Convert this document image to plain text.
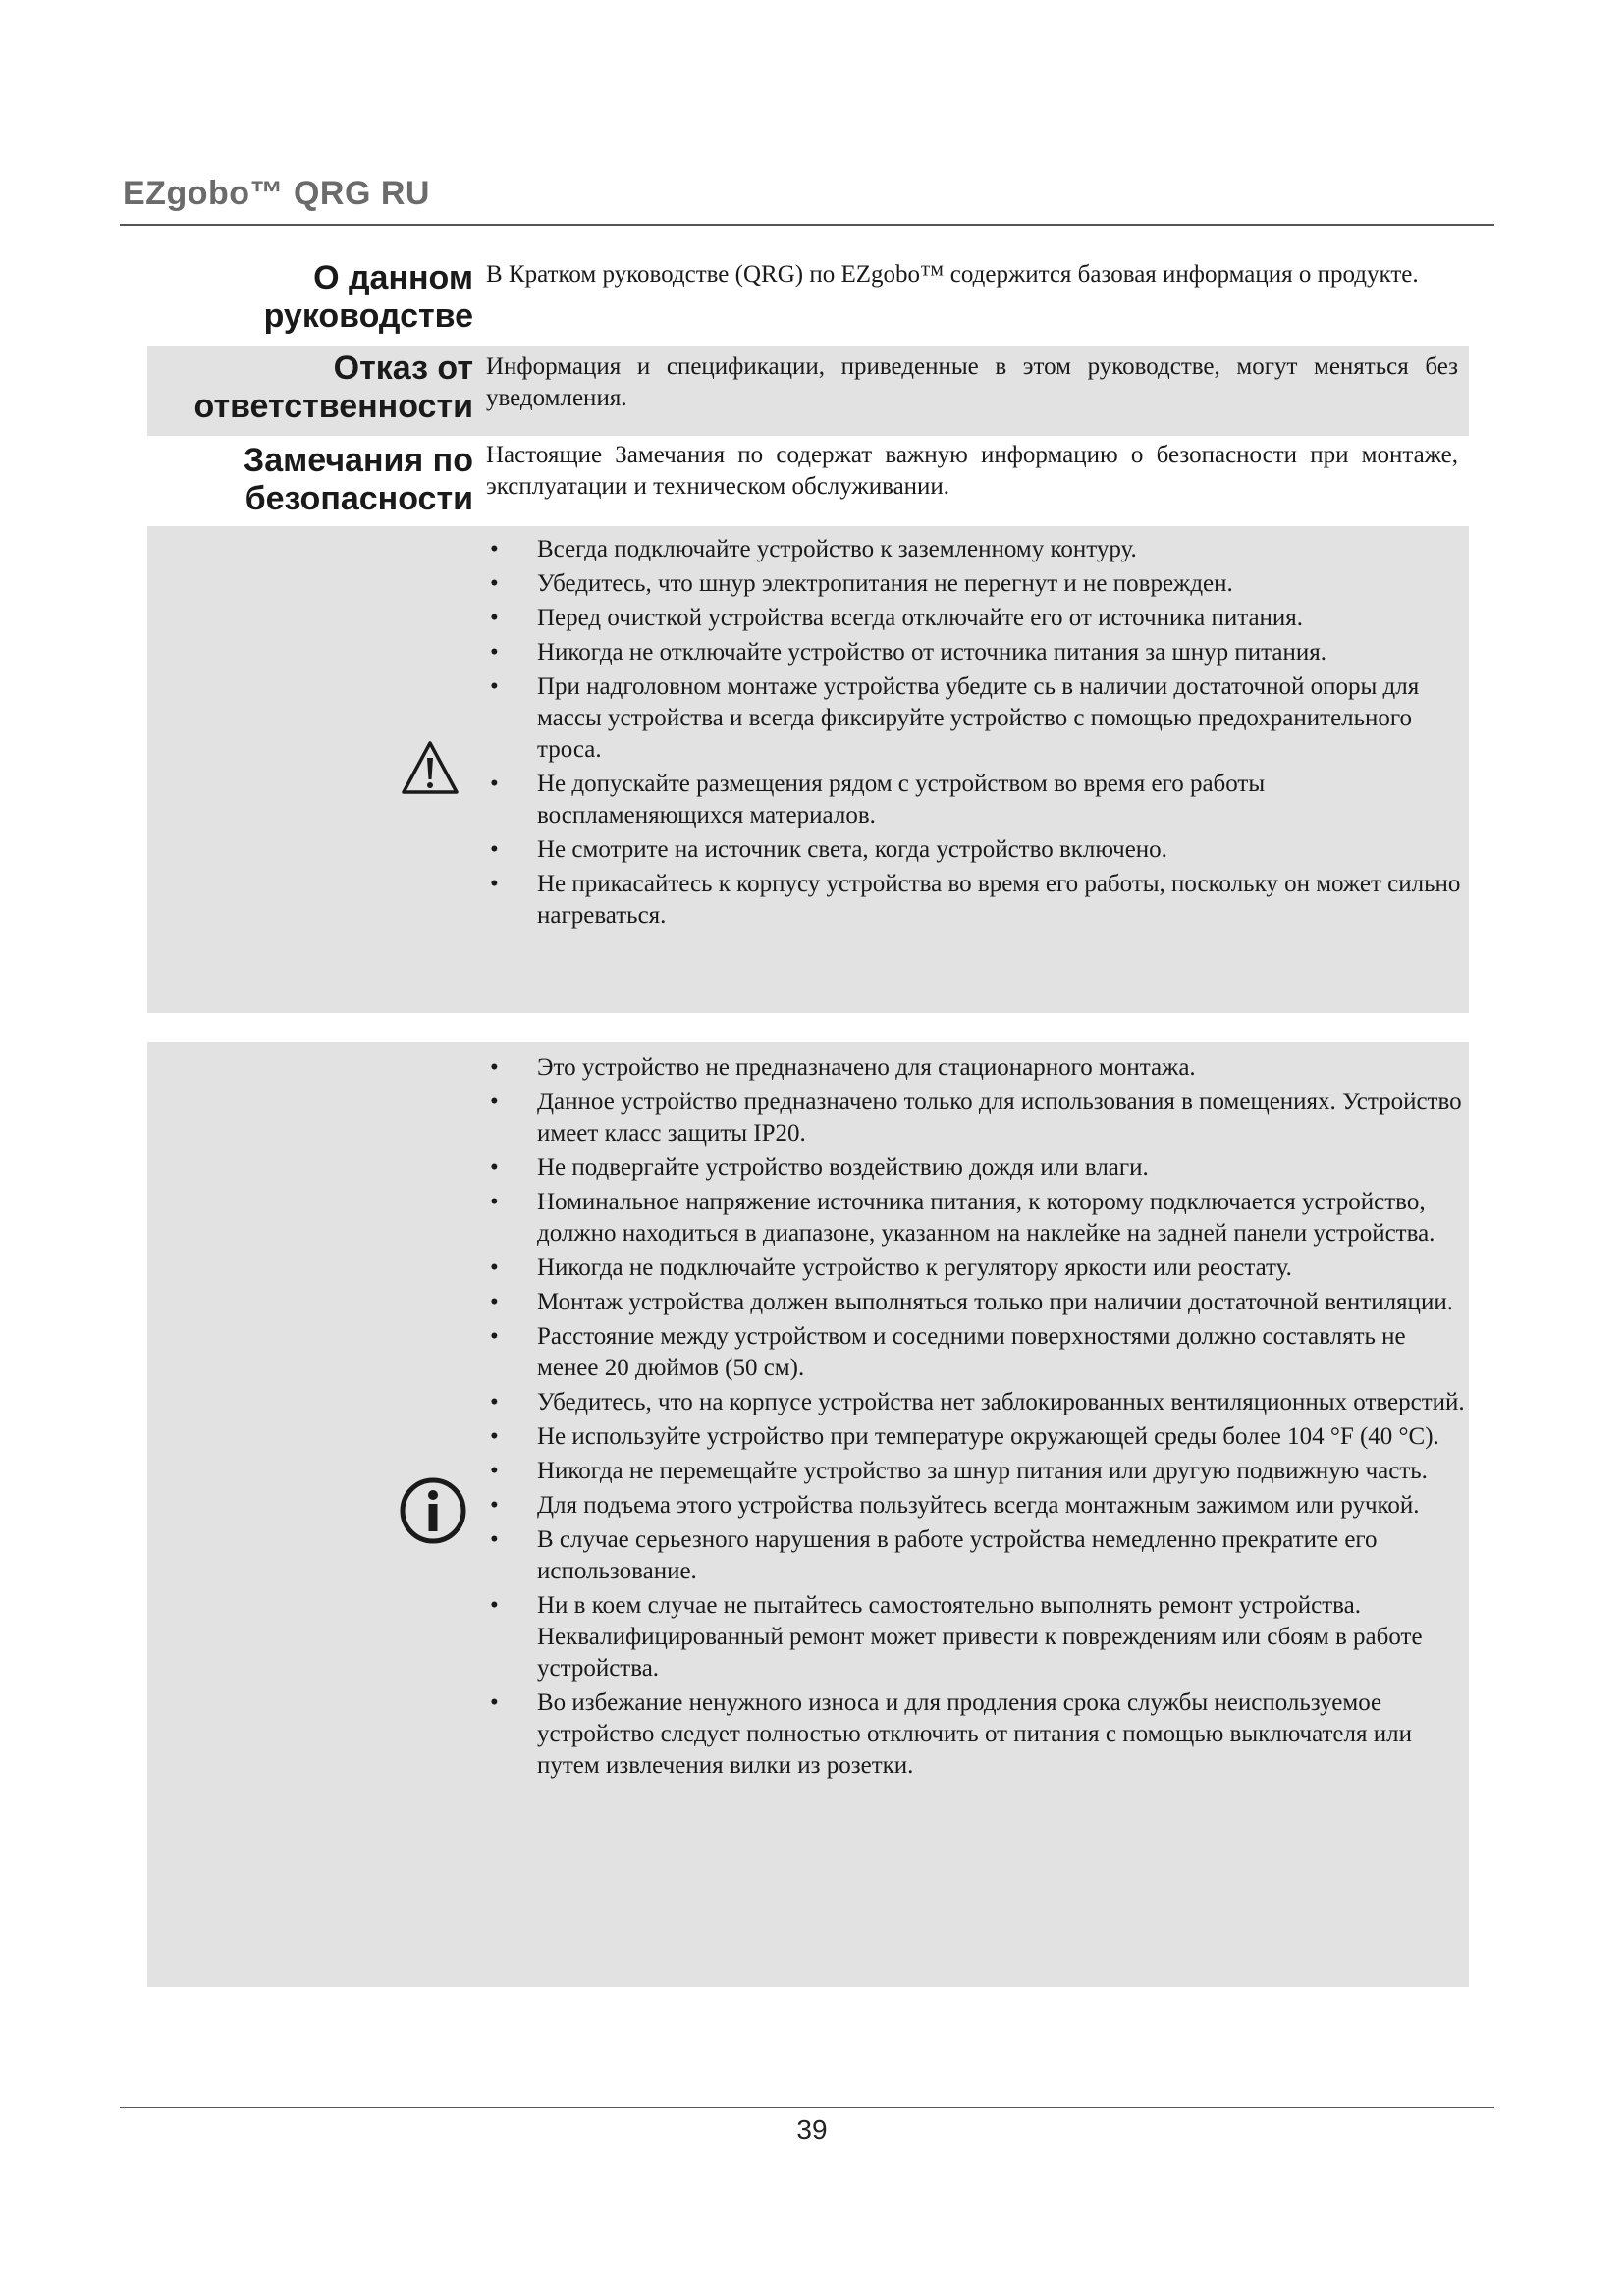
EZgobo™ QRG RU
О данном
руководстве
В Кратком руководстве (QRG) по EZgobo™ содержится базовая информация о продукте.
Отказ от
ответственности
Информация и спецификации, приведенные в этом руководстве, могут меняться без уведомления.
Замечания по
безопасности
Настоящие Замечания по содержат важную информацию о безопасности при монтаже, эксплуатации и техническом обслуживании.
• Всегда подключайте устройство к заземленному контуру.
• Убедитесь, что шнур электропитания не перегнут и не поврежден.
• Перед очисткой устройства всегда отключайте его от источника питания.
• Никогда не отключайте устройство от источника питания за шнур питания.
• При надголовном монтаже устройства убедите сь в наличии достаточной опоры для массы устройства и всегда фиксируйте устройство с помощью предохранительного троса.
• Не допускайте размещения рядом с устройством во время его работы воспламеняющихся материалов.
• Не смотрите на источник света, когда устройство включено.
• Не прикасайтесь к корпусу устройства во время его работы, поскольку он может сильно нагреваться.
• Это устройство не предназначено для стационарного монтажа.
• Данное устройство предназначено только для использования в помещениях. Устройство имеет класс защиты IP20.
• Не подвергайте устройство воздействию дождя или влаги.
• Номинальное напряжение источника питания, к которому подключается устройство, должно находиться в диапазоне, указанном на наклейке на задней панели устройства.
• Никогда не подключайте устройство к регулятору яркости или реостату.
• Монтаж устройства должен выполняться только при наличии достаточной вентиляции.
• Расстояние между устройством и соседними поверхностями должно составлять не менее 20 дюймов (50 см).
• Убедитесь, что на корпусе устройства нет заблокированных вентиляционных отверстий.
• Не используйте устройство при температуре окружающей среды более 104 °F (40 °C).
• Никогда не перемещайте устройство за шнур питания или другую подвижную часть.
• Для подъема этого устройства пользуйтесь всегда монтажным зажимом или ручкой.
• В случае серьезного нарушения в работе устройства немедленно прекратите его использование.
• Ни в коем случае не пытайтесь самостоятельно выполнять ремонт устройства. Неквалифицированный ремонт может привести к повреждениям или сбоям в работе устройства.
• Во избежание ненужного износа и для продления срока службы неиспользуемое устройство следует полностью отключить от питания с помощью выключателя или путем извлечения вилки из розетки.
39
